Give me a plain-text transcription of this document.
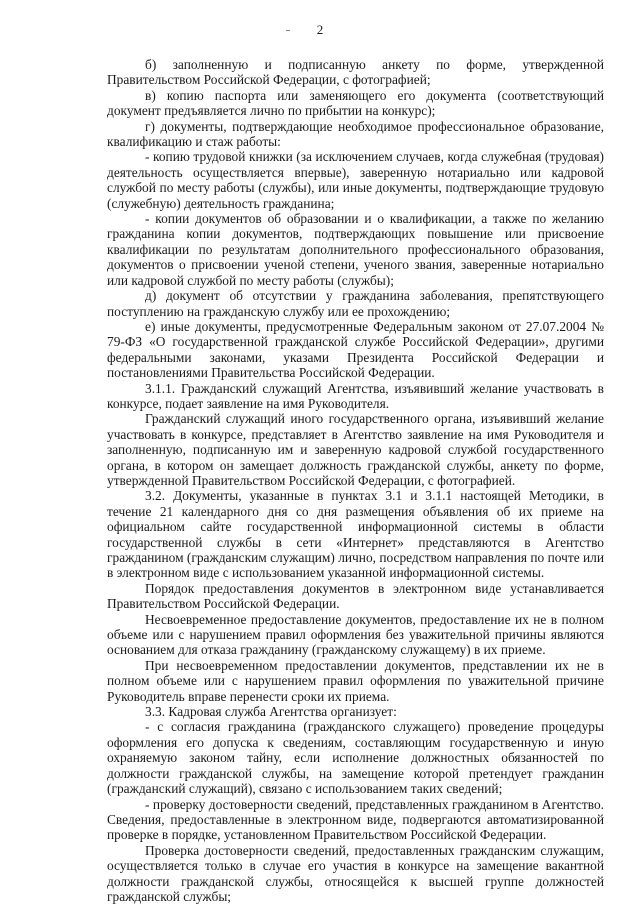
2

б) заполненную и подписанную анкету по форме, утвержденной Правительством Российской Федерации, с фотографией;

в) копию паспорта или заменяющего его документа (соответствующий документ предъявляется лично по прибытии на конкурс);

г) документы, подтверждающие необходимое профессиональное образование, квалификацию и стаж работы:

- копию трудовой книжки (за исключением случаев, когда служебная (трудовая) деятельность осуществляется впервые), заверенную нотариально или кадровой службой по месту работы (службы), или иные документы, подтверждающие трудовую (служебную) деятельность гражданина;

- копии документов об образовании и о квалификации, а также по желанию гражданина копии документов, подтверждающих повышение или присвоение квалификации по результатам дополнительного профессионального образования, документов о присвоении ученой степени, ученого звания, заверенные нотариально или кадровой службой по месту работы (службы);

д) документ об отсутствии у гражданина заболевания, препятствующего поступлению на гражданскую службу или ее прохождению;

е) иные документы, предусмотренные Федеральным законом от 27.07.2004 № 79-ФЗ «О государственной гражданской службе Российской Федерации», другими федеральными законами, указами Президента Российской Федерации и постановлениями Правительства Российской Федерации.

3.1.1. Гражданский служащий Агентства, изъявивший желание участвовать в конкурсе, подает заявление на имя Руководителя.

Гражданский служащий иного государственного органа, изъявивший желание участвовать в конкурсе, представляет в Агентство заявление на имя Руководителя и заполненную, подписанную им и заверенную кадровой службой государственного органа, в котором он замещает должность гражданской службы, анкету по форме, утвержденной Правительством Российской Федерации, с фотографией.

3.2. Документы, указанные в пунктах 3.1 и 3.1.1 настоящей Методики, в течение 21 календарного дня со дня размещения объявления об их приеме на официальном сайте государственной информационной системы в области государственной службы в сети «Интернет» представляются в Агентство гражданином (гражданским служащим) лично, посредством направления по почте или в электронном виде с использованием указанной информационной системы.

Порядок предоставления документов в электронном виде устанавливается Правительством Российской Федерации.

Несвоевременное предоставление документов, предоставление их не в полном объеме или с нарушением правил оформления без уважительной причины являются основанием для отказа гражданину (гражданскому служащему) в их приеме.

При несвоевременном предоставлении документов, представлении их не в полном объеме или с нарушением правил оформления по уважительной причине Руководитель вправе перенести сроки их приема.

3.3. Кадровая служба Агентства организует:

- с согласия гражданина (гражданского служащего) проведение процедуры оформления его допуска к сведениям, составляющим государственную и иную охраняемую законом тайну, если исполнение должностных обязанностей по должности гражданской службы, на замещение которой претендует гражданин (гражданский служащий), связано с использованием таких сведений;

- проверку достоверности сведений, представленных гражданином в Агентство. Сведения, предоставленные в электронном виде, подвергаются автоматизированной проверке в порядке, установленном Правительством Российской Федерации.

Проверка достоверности сведений, предоставленных гражданским служащим, осуществляется только в случае его участия в конкурсе на замещение вакантной должности гражданской службы, относящейся к высшей группе должностей гражданской службы;
